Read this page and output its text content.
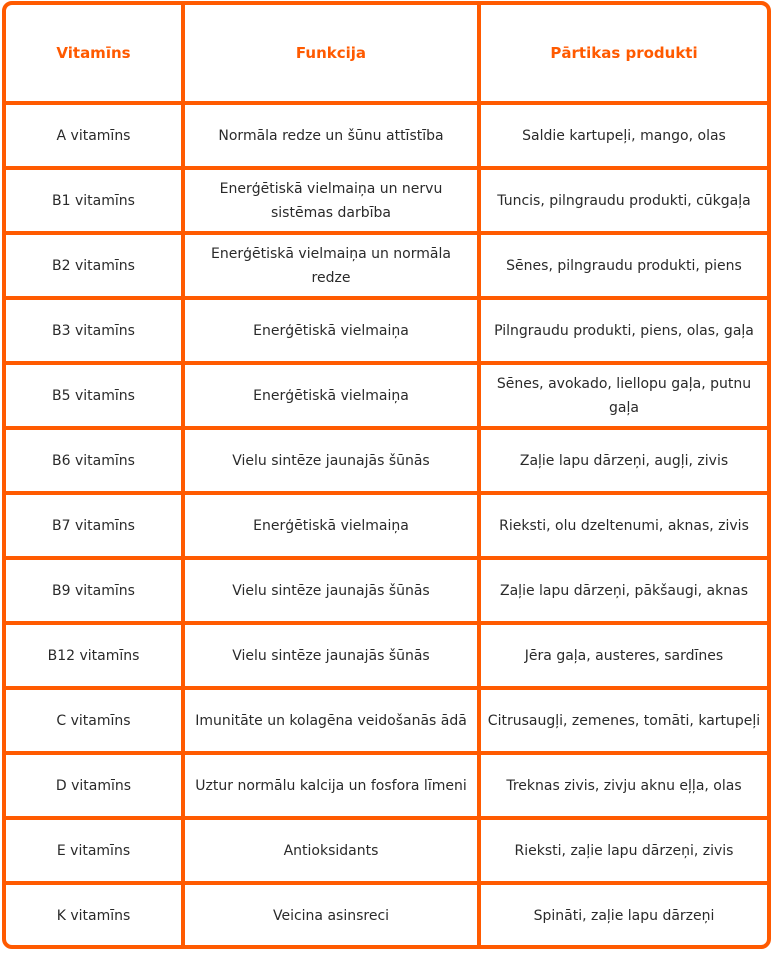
Vitamīns	Funkcija	Pārtikas produkti
A vitamīns	Normāla redze un šūnu attīstība	Saldie kartupeļi, mango, olas
B1 vitamīns	Enerģētiskā vielmaiņa un nervu sistēmas darbība	Tuncis, pilngraudu produkti, cūkgaļa
B2 vitamīns	Enerģētiskā vielmaiņa un normāla redze	Sēnes, pilngraudu produkti, piens
B3 vitamīns	Enerģētiskā vielmaiņa	Pilngraudu produkti, piens, olas, gaļa
B5 vitamīns	Enerģētiskā vielmaiņa	Sēnes, avokado, liellopu gaļa, putnu gaļa
B6 vitamīns	Vielu sintēze jaunajās šūnās	Zaļie lapu dārzeņi, augļi, zivis
B7 vitamīns	Enerģētiskā vielmaiņa	Rieksti, olu dzeltenumi, aknas, zivis
B9 vitamīns	Vielu sintēze jaunajās šūnās	Zaļie lapu dārzeņi, pākšaugi, aknas
B12 vitamīns	Vielu sintēze jaunajās šūnās	Jēra gaļa, austeres, sardīnes
C vitamīns	Imunitāte un kolagēna veidošanās ādā	Citrusaugļi, zemenes, tomāti, kartupeļi
D vitamīns	Uztur normālu kalcija un fosfora līmeni	Treknas zivis, zivju aknu eļļa, olas
E vitamīns	Antioksidants	Rieksti, zaļie lapu dārzeņi, zivis
K vitamīns	Veicina asinsreci	Spināti, zaļie lapu dārzeņi
